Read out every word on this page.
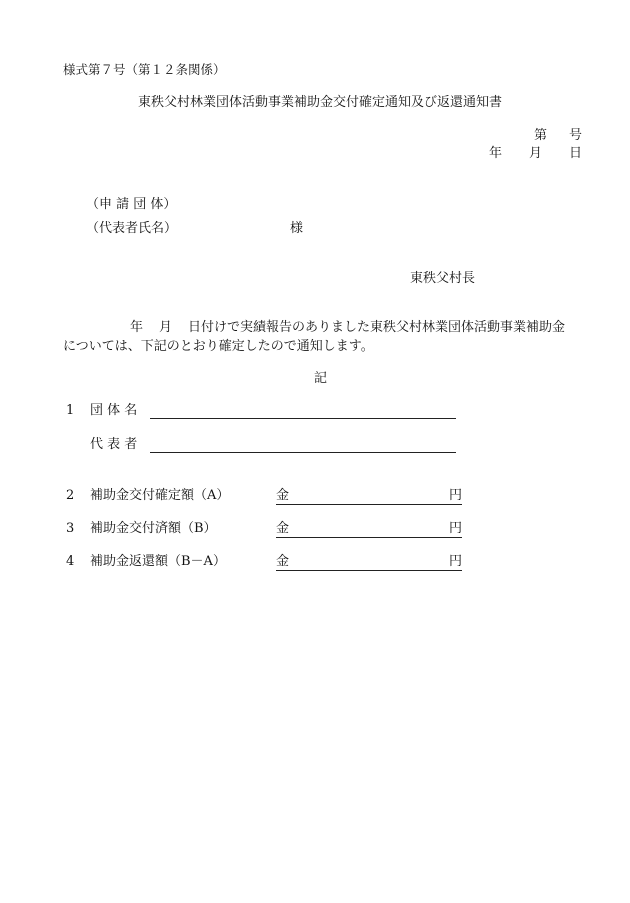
様式第７号（第１２条関係）
東秩父村林業団体活動事業補助金交付確定通知及び返還通知書
第 号
年 月 日
（申 請 団 体）
（代表者氏名）	様
東秩父村長
年 月 日付けで実績報告のありました東秩父村林業団体活動事業補助金
については、下記のとおり確定したので通知します。
記
1 団 体 名
代 表 者
2 補助金交付確定額（A）	金	円
3 補助金交付済額（B）	金	円
4 補助金返還額（B－A）	金	円
